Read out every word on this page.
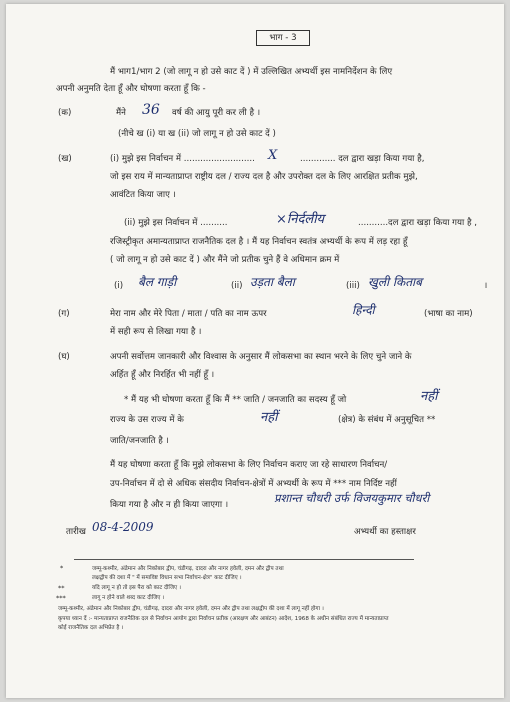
भाग - 3
मैं भाग1/भाग 2 (जो लागू न हो उसे काट दें ) में उल्लिखित अभ्यर्थी इस नामनिर्देशन के लिए
अपनी अनुमति देता हूँ और घोषणा करता हूँ कि -
(क)	मैंने 36 वर्ष की आयु पूरी कर ली है ।
(नीचे ख (i) या ख (ii) जो लागू न हो उसे काट दें )
(ख)	(i) मुझे इस निर्वाचन में .......................... X	............. दल द्वारा खड़ा किया गया है,
जो इस राय में मान्यताप्राप्त राष्ट्रीय दल / राज्य दल है और उपरोक्त दल के लिए आरक्षित प्रतीक मुझे,
आवंटित किया जाए ।
(ii) मुझे इस निर्वाचन में ..........	×निर्दलीय	...........दल द्वारा खड़ा किया गया है ,
रजिस्ट्रीकृत अमान्यताप्राप्त राजनैतिक दल है । मैं यह निर्वाचन स्वतंत्र अभ्यर्थी के रूप में लड़ रहा हूँ
( जो लागू न हो उसे काट दें ) और मैंने जो प्रतीक चुने हैं वे अधिमान क्रम में
(i) बैल गाड़ी	(ii) उड़ता बैला	(iii) खुली किताब	।
(ग)	मेरा नाम और मेरे पिता / माता / पति का नाम ऊपर	हिन्दी	(भाषा का नाम)
में सही रूप से लिखा गया है ।
(घ)	अपनी सर्वोत्तम जानकारी और विश्वास के अनुसार मैं लोकसभा का स्थान भरने के लिए चुने जाने के
अर्हित हूँ और निरर्हित भी नहीं हूँ ।
* मैं यह भी घोषणा करता हूँ कि मैं ** जाति / जनजाति का सदस्य हूँ जो	नहीं
राज्य के उस राज्य में के	नहीं	(क्षेत्र) के संबंध में अनुसूचित **
जाति/जनजाति है ।
मैं यह घोषणा करता हूँ कि मुझे लोकसभा के लिए निर्वाचन कराए जा रहे साधारण निर्वाचन/
उप-निर्वाचन में दो से अधिक संसदीय निर्वाचन-क्षेत्रों में अभ्यर्थी के रूप में *** नाम निर्दिष्ट नहीं
किया गया है और न ही किया जाएगा ।	प्रशान्त चौधरी उर्फ विजयकुमार चौधरी
तारीख 08-4-2009	अभ्यर्थी का हस्ताक्षर
*	जम्मू-कश्मीर, अंडेमान और निकोबार द्वीप, चंडीगढ़, दादरा और नागर हवेली, दमन और द्वीप तथा
लक्षद्वीप की दशा में " में समाविष्ट विधान सभा निर्वाचन-क्षेत्र" काट दीजिए ।
**	यदि लागू न हो तो इस पैरा को काट दीजिए ।
***	लागू न होने वाले शब्द काट दीजिए ।
जम्मू-कश्मीर, अंडेमान और निकोबार द्वीप, चंडीगढ़, दादरा और नागर हवेली, दमन और द्वीप तथा लक्षद्वीप की दशा में लागू नहीं होगा ।
कृपया ध्यान दें :- मान्यताप्राप्त राजनैतिक दल से निर्वाचन आयोग द्वारा निर्वाचन प्रतीक (आरक्षण और आबंटन) आदेश, 1968 के अधीन संबंधित राज्य में मान्यताप्राप्त
कोई राजनैतिक दल अभिप्रेत है ।
